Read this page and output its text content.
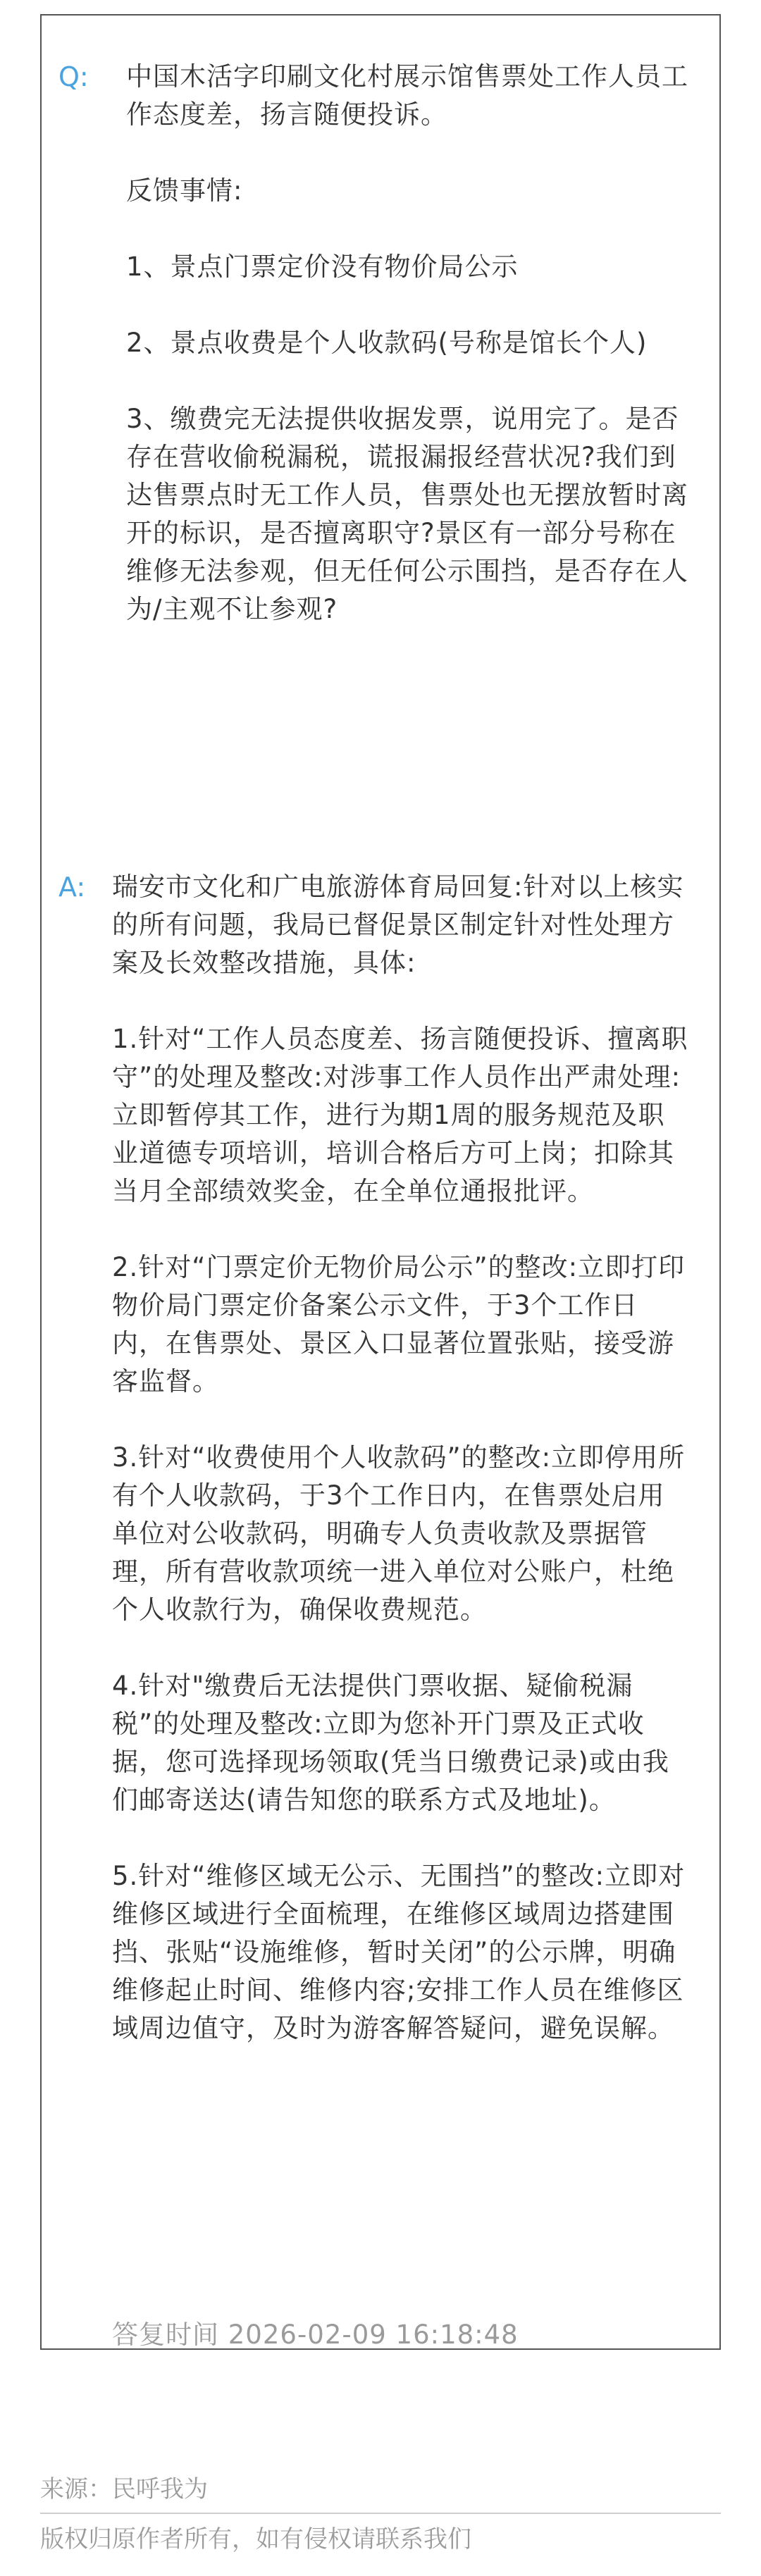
Q: 中国木活字印刷文化村展示馆售票处工作人员工作态度差，扬言随便投诉。

反馈事情:

1、景点门票定价没有物价局公示

2、景点收费是个人收款码(号称是馆长个人)

3、缴费完无法提供收据发票，说用完了。是否存在营收偷税漏税，谎报漏报经营状况?我们到达售票点时无工作人员，售票处也无摆放暂时离开的标识，是否擅离职守?景区有一部分号称在维修无法参观，但无任何公示围挡，是否存在人为/主观不让参观?

A: 瑞安市文化和广电旅游体育局回复:针对以上核实的所有问题，我局已督促景区制定针对性处理方案及长效整改措施，具体:

1.针对“工作人员态度差、扬言随便投诉、擅离职守”的处理及整改:对涉事工作人员作出严肃处理:立即暂停其工作，进行为期1周的服务规范及职业道德专项培训，培训合格后方可上岗；扣除其当月全部绩效奖金，在全单位通报批评。

2.针对“门票定价无物价局公示”的整改:立即打印物价局门票定价备案公示文件，于3个工作日内，在售票处、景区入口显著位置张贴，接受游客监督。

3.针对“收费使用个人收款码”的整改:立即停用所有个人收款码，于3个工作日内，在售票处启用单位对公收款码，明确专人负责收款及票据管理，所有营收款项统一进入单位对公账户，杜绝个人收款行为，确保收费规范。

4.针对"缴费后无法提供门票收据、疑偷税漏税”的处理及整改:立即为您补开门票及正式收据，您可选择现场领取(凭当日缴费记录)或由我们邮寄送达(请告知您的联系方式及地址)。

5.针对“维修区域无公示、无围挡”的整改:立即对维修区域进行全面梳理，在维修区域周边搭建围挡、张贴“设施维修，暂时关闭”的公示牌，明确维修起止时间、维修内容;安排工作人员在维修区域周边值守，及时为游客解答疑问，避免误解。

答复时间 2026-02-09 16:18:48
来源：民呼我为
版权归原作者所有，如有侵权请联系我们
